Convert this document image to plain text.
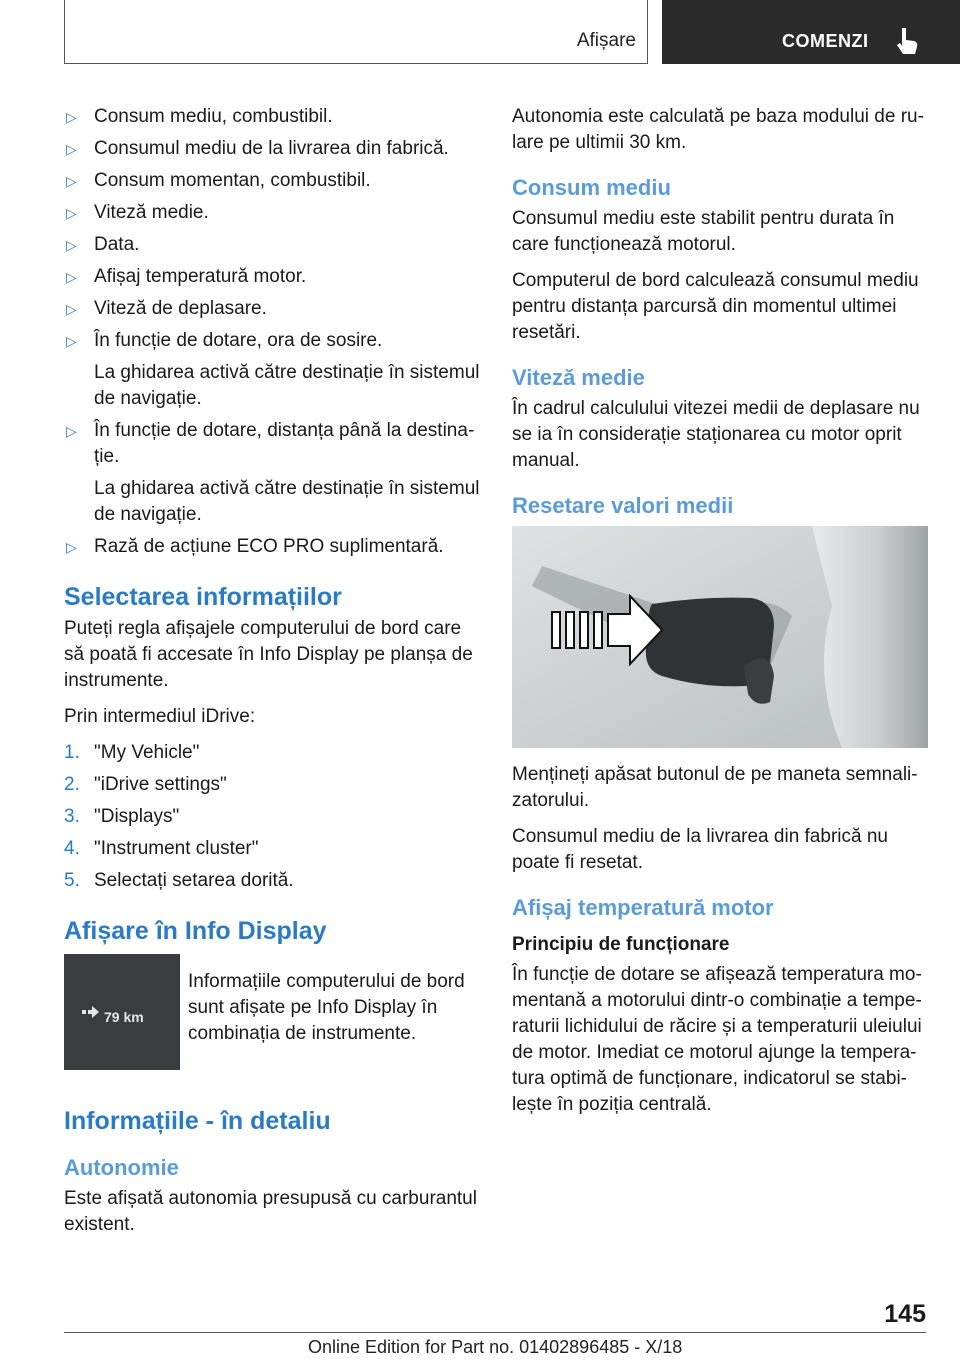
Afișare	COMENZI
▷ Consum mediu, combustibil.

▷ Consumul mediu de la livrarea din fabrică.

▷ Consum momentan, combustibil.

▷ Viteză medie.

▷ Data.

▷ Afișaj temperatură motor.

▷ Viteză de deplasare.

▷ În funcție de dotare, ora de sosire.

La ghidarea activă către destinație în sistemul de navigație.

▷ În funcție de dotare, distanța până la destinație.

La ghidarea activă către destinație în sistemul de navigație.

▷ Rază de acțiune ECO PRO suplimentară.

Selectarea informațiilor

Puteți regla afișajele computerului de bord care să poată fi accesate în Info Display pe planșa de instrumente.

Prin intermediul iDrive:

1. "My Vehicle"
2. "iDrive settings"
3. "Displays"
4. "Instrument cluster"
5. Selectați setarea dorită.
Afișare în Info Display
79 km

Informațiile computerului de bord sunt afișate pe Info Display în combinația de instrumente.

Informațiile - în detaliu
Autonomie

Este afișată autonomia presupusă cu carburantul existent.

Autonomia este calculată pe baza modului de rulare pe ultimii 30 km.

Consum mediu

Consumul mediu este stabilit pentru durata în care funcționează motorul.

Computerul de bord calculează consumul mediu pentru distanța parcursă din momentul ultimei resetări.

Viteză medie

În cadrul calculului vitezei medii de deplasare nu se ia în considerație staționarea cu motor oprit manual.

Resetare valori medii

Mențineți apăsat butonul de pe maneta semnalizatorului.

Consumul mediu de la livrarea din fabrică nu poate fi resetat.

Afișaj temperatură motor
Principiu de funcționare

În funcție de dotare se afișează temperatura momentană a motorului dintr-o combinație a temperaturii lichidului de răcire și a temperaturii uleiului de motor. Imediat ce motorul ajunge la temperatura optimă de funcționare, indicatorul se stabilește în poziția centrală.

145
Online Edition for Part no. 01402896485 - X/18
